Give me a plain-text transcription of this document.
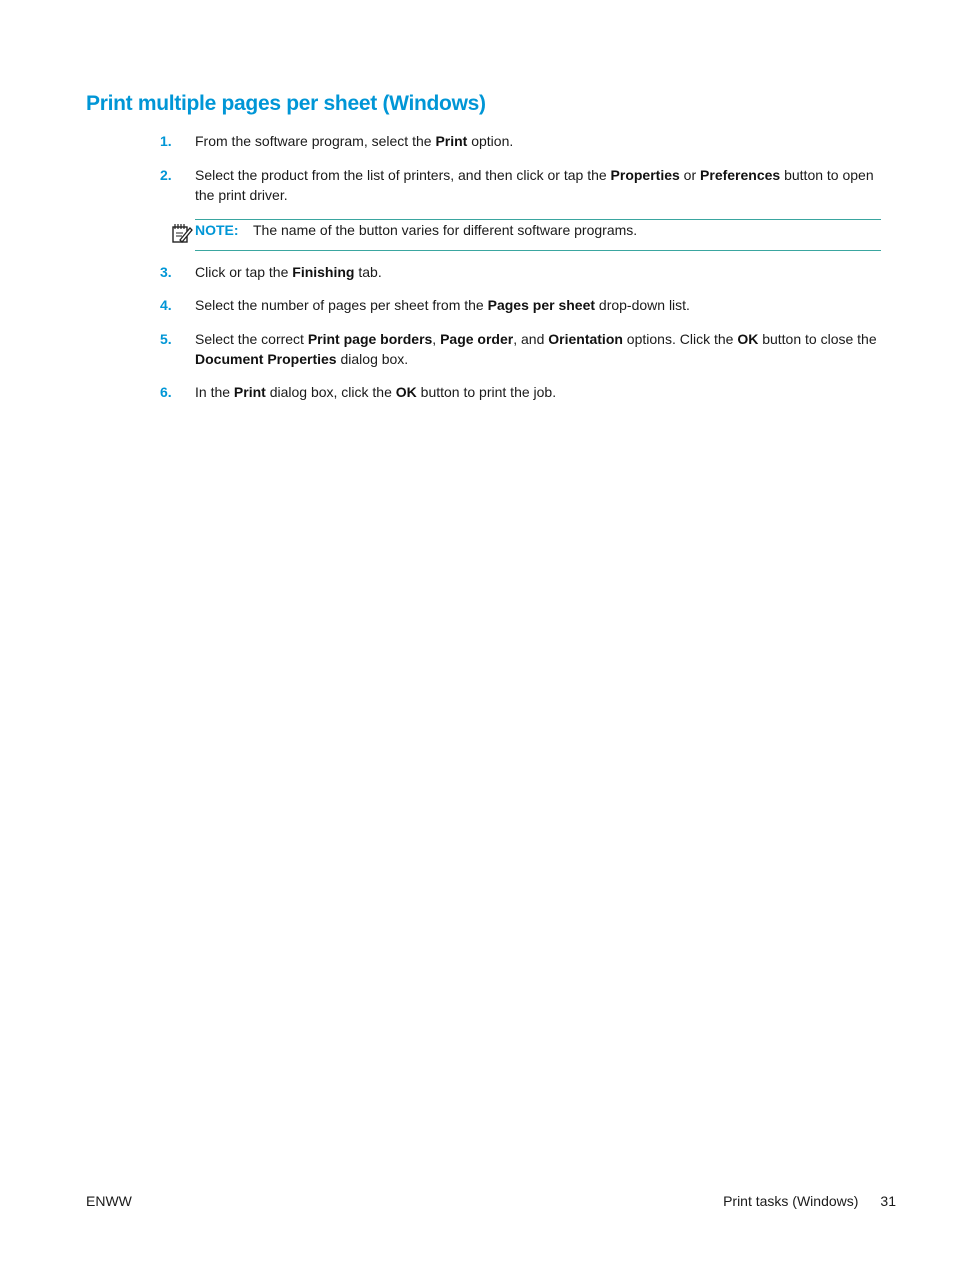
Print multiple pages per sheet (Windows)
1. From the software program, select the Print option.
2. Select the product from the list of printers, and then click or tap the Properties or Preferences button to open the print driver.
NOTE: The name of the button varies for different software programs.
3. Click or tap the Finishing tab.
4. Select the number of pages per sheet from the Pages per sheet drop-down list.
5. Select the correct Print page borders, Page order, and Orientation options. Click the OK button to close the Document Properties dialog box.
6. In the Print dialog box, click the OK button to print the job.
ENWW	Print tasks (Windows) 31
